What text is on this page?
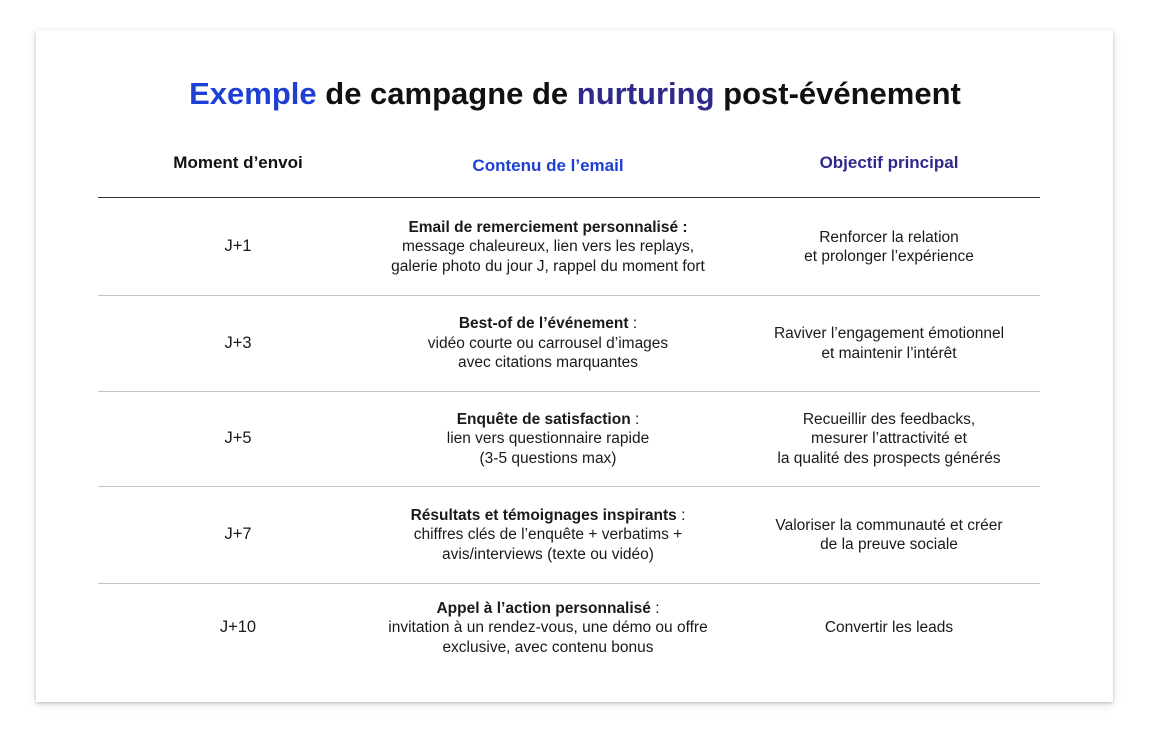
Exemple de campagne de nurturing post-événement
Moment d’envoi	Contenu de l’email	Objectif principal
J+1
Email de remerciement personnalisé :
message chaleureux, lien vers les replays,
galerie photo du jour J, rappel du moment fort
Renforcer la relation
et prolonger l’expérience
J+3
Best-of de l’événement :
vidéo courte ou carrousel d’images
avec citations marquantes
Raviver l’engagement émotionnel
et maintenir l’intérêt
J+5
Enquête de satisfaction :
lien vers questionnaire rapide
(3-5 questions max)
Recueillir des feedbacks,
mesurer l’attractivité et
la qualité des prospects générés
J+7
Résultats et témoignages inspirants :
chiffres clés de l’enquête + verbatims +
avis/interviews (texte ou vidéo)
Valoriser la communauté et créer
de la preuve sociale
J+10
Appel à l’action personnalisé :
invitation à un rendez-vous, une démo ou offre
exclusive, avec contenu bonus
Convertir les leads
